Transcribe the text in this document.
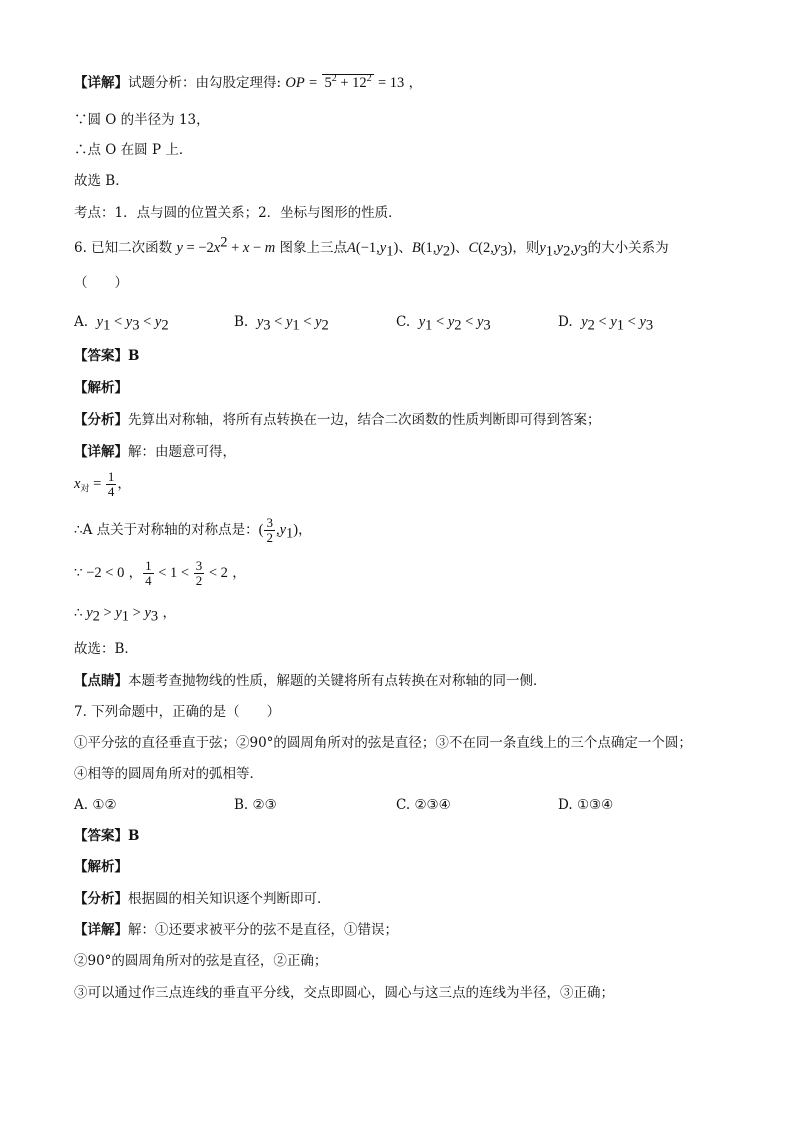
【详解】试题分析：由勾股定理得: OP = $5^2 + 12^2 = 13$ ，
∵圆 O 的半径为 13，
∴点 O 在圆 P 上．
故选 B．
考点：1．点与圆的位置关系；2．坐标与图形的性质．
6. 已知二次函数 $y = -2x^2 + x - m$ 图象上三点$A(-1,y_1)$、$B(1,y_2)$、$C(2,y_3)$，则$y_1,y_2,y_3$的大小关系为
（　　）
A. $y_1 < y_3 < y_2$	B. $y_3 < y_1 < y_2$	C. $y_1 < y_2 < y_3$	D. $y_2 < y_1 < y_3$
【答案】B
【解析】
【分析】先算出对称轴，将所有点转换在一边，结合二次函数的性质判断即可得到答案；
【详解】解：由题意可得，
$x_对 = \frac{1}{4}$ ，
∴A 点关于对称轴的对称点是：( $\frac{3}{2} ,y_1$)，
∵ −2 < 0 ， $\frac{1}{4} < 1 < \frac{3}{2} < 2$ ，
∴ $y_2 > y_1 > y_3$ ，
故选：B．
【点睛】本题考查抛物线的性质，解题的关键将所有点转换在对称轴的同一侧．
7. 下列命题中，正确的是（　　）
①平分弦的直径垂直于弦；②90°的圆周角所对的弦是直径；③不在同一条直线上的三个点确定一个圆；
④相等的圆周角所对的弧相等．
A. ①②	B. ②③	C. ②③④	D. ①③④
【答案】B
【解析】
【分析】根据圆的相关知识逐个判断即可．
【详解】解：①还要求被平分的弦不是直径，①错误；
②90°的圆周角所对的弦是直径，②正确；
③可以通过作三点连线的垂直平分线，交点即圆心，圆心与这三点的连线为半径，③正确；
